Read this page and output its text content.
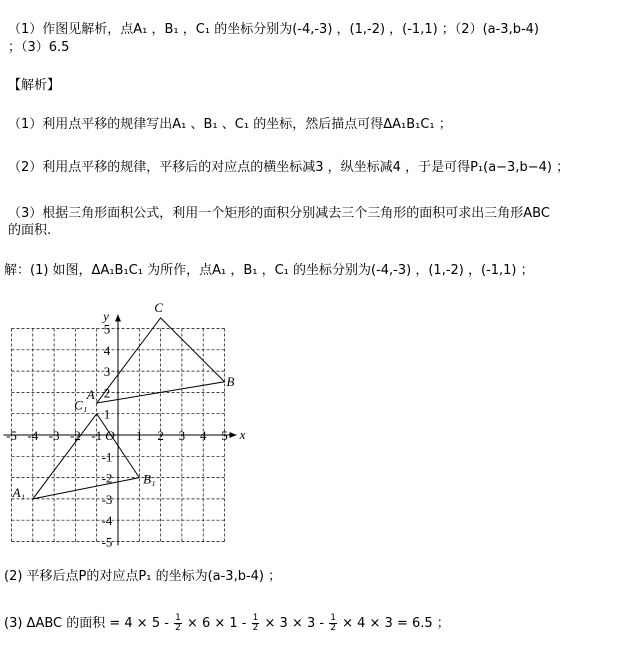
（1）作图见解析，点A₁ ，B₁ ，C₁ 的坐标分别为(-4,-3) ，(1,-2) ，(-1,1) ；（2）(a-3,b-4)
；（3）6.5
【解析】
（1）利用点平移的规律写出A₁ 、B₁ 、C₁ 的坐标，然后描点可得ΔA₁B₁C₁ ；
（2）利用点平移的规律，平移后的对应点的横坐标减3 ，纵坐标减4 ，于是可得P₁(a−3,b−4) ；
（3）根据三角形面积公式，利用一个矩形的面积分别减去三个三角形的面积可求出三角形ABC
的面积.
解：(1) 如图，ΔA₁B₁C₁ 为所作，点A₁ ，B₁ ，C₁ 的坐标分别为(-4,-3) ，(1,-2) ，(-1,1) ；
x
y
O
-5 -4 -3 -2 -1	1 2 3 4 5
5
4
3
2
1
-1
-2
-3
-4
-5
A
B
C
A₁
B₁
C₁
(2) 平移后点P的对应点P₁ 的坐标为(a-3,b-4) ；
(3) ΔABC 的面积 = $4 \times 5 - \frac{1}{2} \times 6 \times 1 - \frac{1}{2} \times 3 \times 3 - \frac{1}{2} \times 4 \times 3 = 6.5$ ；
